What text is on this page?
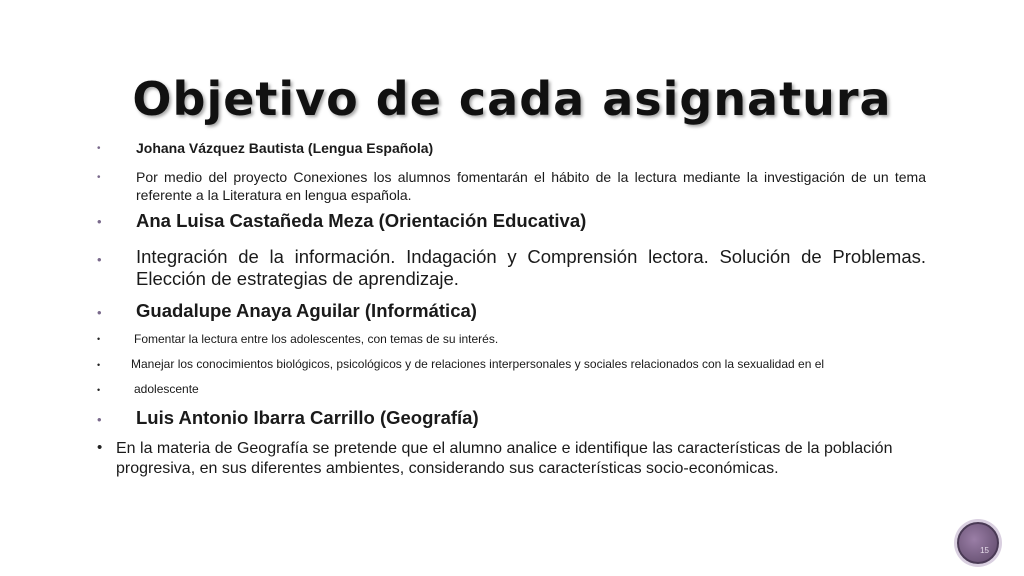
Objetivo de cada asignatura
•	Johana Vázquez Bautista (Lengua Española)
•	Por medio del proyecto Conexiones los alumnos fomentarán el hábito de la lectura mediante la investigación de un tema referente a la Literatura en lengua española.
• Ana Luisa Castañeda Meza (Orientación Educativa)
• Integración de la información. Indagación y Comprensión lectora. Solución de Problemas. Elección de estrategias de aprendizaje.
• Guadalupe Anaya Aguilar (Informática)
•	Fomentar la lectura entre los adolescentes, con temas de su interés.
•	Manejar los conocimientos biológicos, psicológicos y de relaciones interpersonales y sociales relacionados con la sexualidad en el
•	adolescente
• Luis Antonio Ibarra Carrillo (Geografía)
• En la materia de Geografía se pretende que el alumno analice e identifique las características de la población progresiva, en sus diferentes ambientes, considerando sus características socio-económicas.
15
